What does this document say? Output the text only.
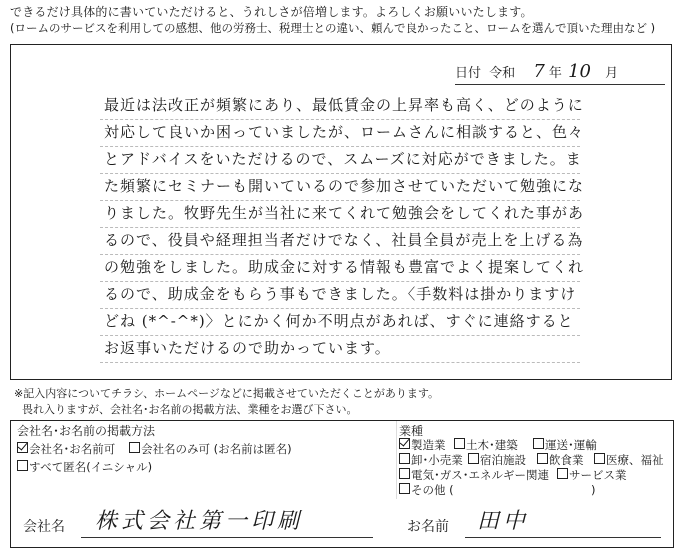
できるだけ具体的に書いていただけると、うれしさが倍増します。よろしくお願いいたします。
(ロームのサービスを利用しての感想、他の労務士、税理士との違い、頼んで良かったこと、ロームを選んで頂いた理由など )
日付 令和 7 年 10 月
最近は法改正が頻繁にあり、最低賃金の上昇率も高く、どのように対応して良いか困っていましたが、ロームさんに相談すると、色々とアドバイスをいただけるので、スムーズに対応ができました。また頻繁にセミナーも開いているので参加させていただいて勉強になりました。牧野先生が当社に来てくれて勉強会をしてくれた事があるので、役員や経理担当者だけでなく、社員全員が売上を上げる為の勉強をしました。助成金に対する情報も豊富でよく提案してくれるので、助成金をもらう事もできました。〈手数料は掛かりますけどね (*^-^*)〉とにかく何か不明点があれば、すぐに連絡するとお返事いただけるので助かっています。
※記入内容についてチラシ、ホームページなどに掲載させていただくことがあります。
畏れ入りますが、会社名･お名前の掲載方法、業種をお選び下さい。
会社名･お名前の掲載方法
会社名･お名前可	会社名のみ可 (お名前は匿名)
すべて匿名(イニシャル)
業種
製造業	土木･建築	運送･運輸
卸･小売業	宿泊施設	飲食業	医療、福祉
電気･ガス･エネルギー関連	サービス業
その他 (	)
会社名 株式会社第一印刷	お名前 田中
